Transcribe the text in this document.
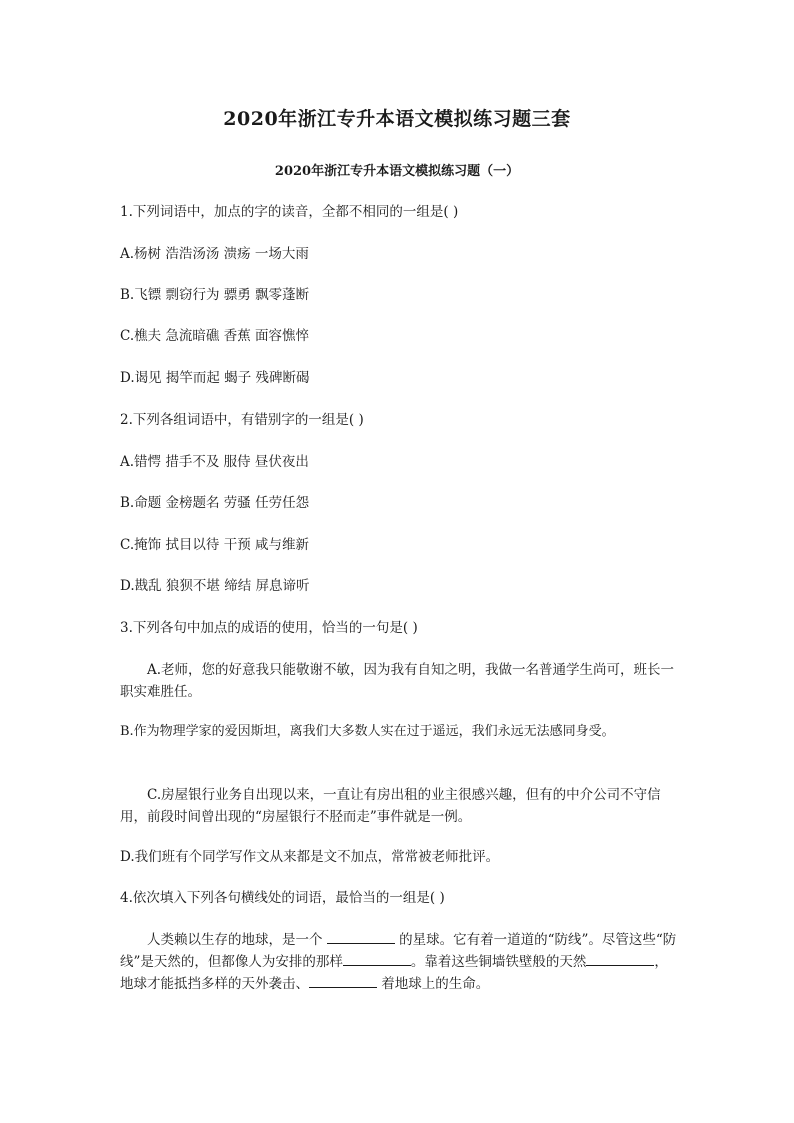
2020年浙江专升本语文模拟练习题三套
2020年浙江专升本语文模拟练习题（一）
1.下列词语中，加点的字的读音，全都不相同的一组是( )
A.杨树 浩浩汤汤 溃疡 一场大雨
B.飞镖 剽窃行为 骠勇 飘零蓬断
C.樵夫 急流暗礁 香蕉 面容憔悴
D.谒见 揭竿而起 蝎子 残碑断碣
2.下列各组词语中，有错别字的一组是( )
A.错愕 措手不及 服侍 昼伏夜出
B.命题 金榜题名 劳骚 任劳任怨
C.掩饰 拭目以待 干预 咸与维新
D.戡乱 狼狈不堪 缔结 屏息谛听
3.下列各句中加点的成语的使用，恰当的一句是( )
A.老师，您的好意我只能敬谢不敏，因为我有自知之明，我做一名普通学生尚可，班长一职实难胜任。
B.作为物理学家的爱因斯坦，离我们大多数人实在过于遥远，我们永远无法感同身受。
C.房屋银行业务自出现以来，一直让有房出租的业主很感兴趣，但有的中介公司不守信用，前段时间曾出现的“房屋银行不胫而走”事件就是一例。
D.我们班有个同学写作文从来都是文不加点，常常被老师批评。
4.依次填入下列各句横线处的词语，最恰当的一组是( )
人类赖以生存的地球，是一个	的星球。它有着一道道的“防线”。尽管这些“防线”是天然的，但都像人为安排的那样	。靠着这些铜墙铁壁般的天然	，地球才能抵挡多样的天外袭击、	着地球上的生命。
